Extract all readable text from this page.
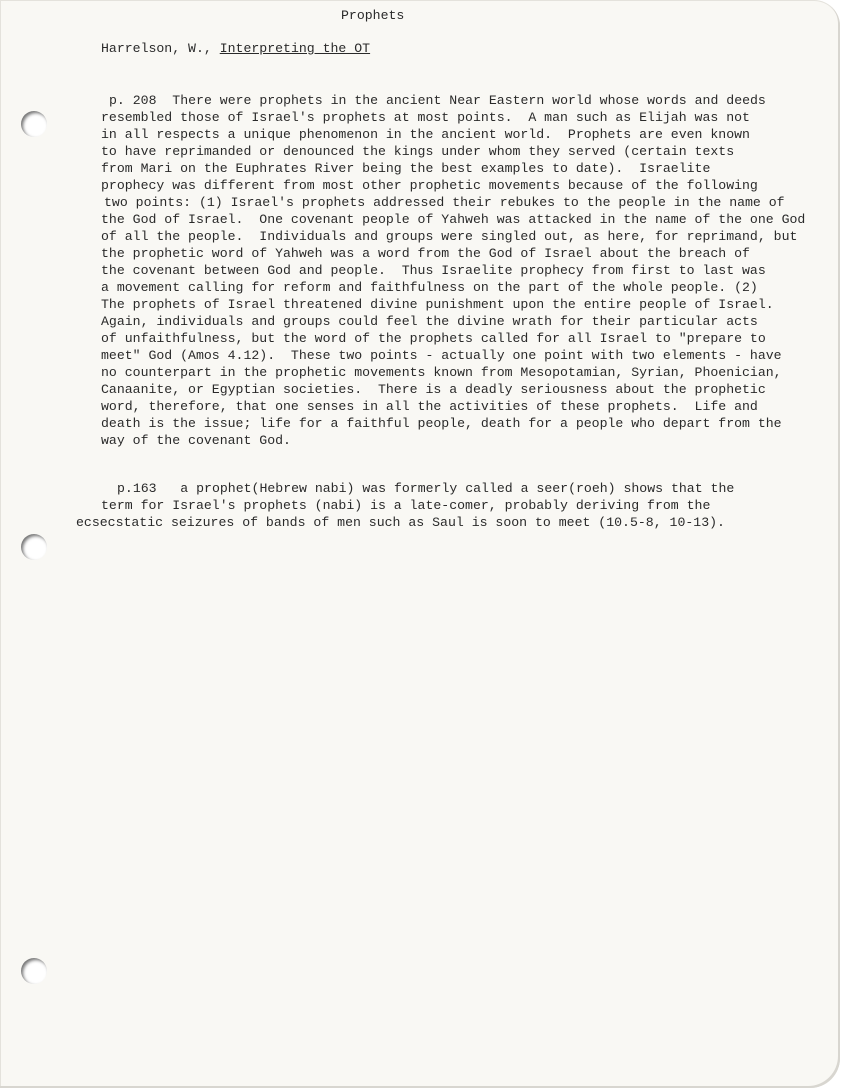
Prophets
Harrelson, W., Interpreting the OT
p. 208  There were prophets in the ancient Near Eastern world whose words and deeds
resembled those of Israel's prophets at most points.  A man such as Elijah was not
in all respects a unique phenomenon in the ancient world.  Prophets are even known
to have reprimanded or denounced the kings under whom they served (certain texts
from Mari on the Euphrates River being the best examples to date).  Israelite
prophecy was different from most other prophetic movements because of the following
two points: (1) Israel's prophets addressed their rebukes to the people in the name of
the God of Israel.  One covenant people of Yahweh was attacked in the name of the one God
of all the people.  Individuals and groups were singled out, as here, for reprimand, but
the prophetic word of Yahweh was a word from the God of Israel about the breach of
the covenant between God and people.  Thus Israelite prophecy from first to last was
a movement calling for reform and faithfulness on the part of the whole people. (2)
The prophets of Israel threatened divine punishment upon the entire people of Israel.
Again, individuals and groups could feel the divine wrath for their particular acts
of unfaithfulness, but the word of the prophets called for all Israel to "prepare to
meet" God (Amos 4.12).  These two points - actually one point with two elements - have
no counterpart in the prophetic movements known from Mesopotamian, Syrian, Phoenician,
Canaanite, or Egyptian societies.  There is a deadly seriousness about the prophetic
word, therefore, that one senses in all the activities of these prophets.  Life and
death is the issue; life for a faithful people, death for a people who depart from the
way of the covenant God.
p.163   a prophet(Hebrew nabi) was formerly called a seer(roeh) shows that the
term for Israel's prophets (nabi) is a late-comer, probably deriving from the
ecsecstatic seizures of bands of men such as Saul is soon to meet (10.5-8, 10-13).
